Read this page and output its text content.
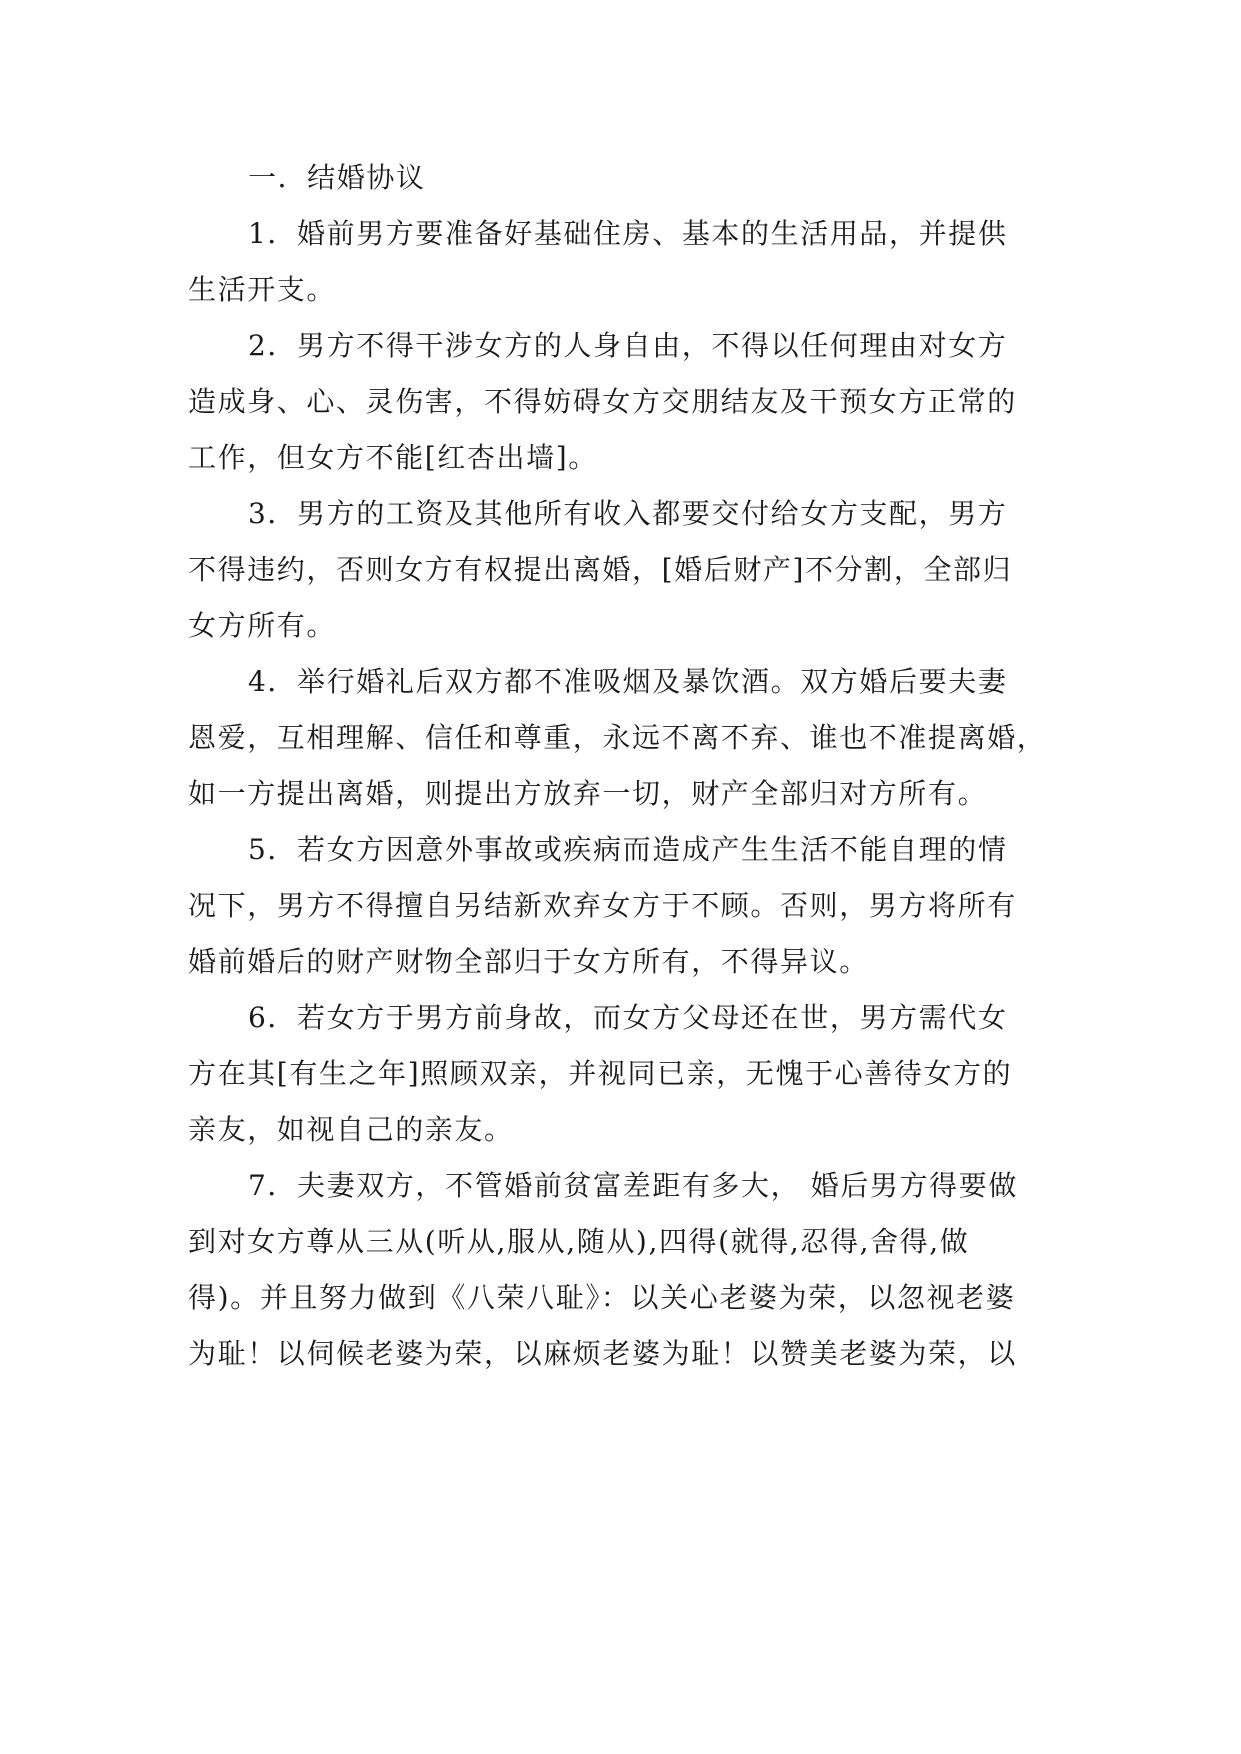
一．结婚协议
1．婚前男方要准备好基础住房、基本的生活用品，并提供
生活开支。
2．男方不得干涉女方的人身自由，不得以任何理由对女方
造成身、心、灵伤害，不得妨碍女方交朋结友及干预女方正常的
工作，但女方不能[红杏出墙]。
3．男方的工资及其他所有收入都要交付给女方支配，男方
不得违约，否则女方有权提出离婚，[婚后财产]不分割，全部归
女方所有。
4．举行婚礼后双方都不准吸烟及暴饮酒。双方婚后要夫妻
恩爱，互相理解、信任和尊重，永远不离不弃、谁也不准提离婚，
如一方提出离婚，则提出方放弃一切，财产全部归对方所有。
5．若女方因意外事故或疾病而造成产生生活不能自理的情
况下，男方不得擅自另结新欢弃女方于不顾。否则，男方将所有
婚前婚后的财产财物全部归于女方所有，不得异议。
6．若女方于男方前身故，而女方父母还在世，男方需代女
方在其[有生之年]照顾双亲，并视同已亲，无愧于心善待女方的
亲友，如视自己的亲友。
7．夫妻双方，不管婚前贫富差距有多大， 婚后男方得要做
到对女方尊从三从(听从,服从,随从),四得(就得,忍得,舍得,做
得)。并且努力做到《八荣八耻》：以关心老婆为荣，以忽视老婆
为耻！以伺候老婆为荣，以麻烦老婆为耻！以赞美老婆为荣，以
